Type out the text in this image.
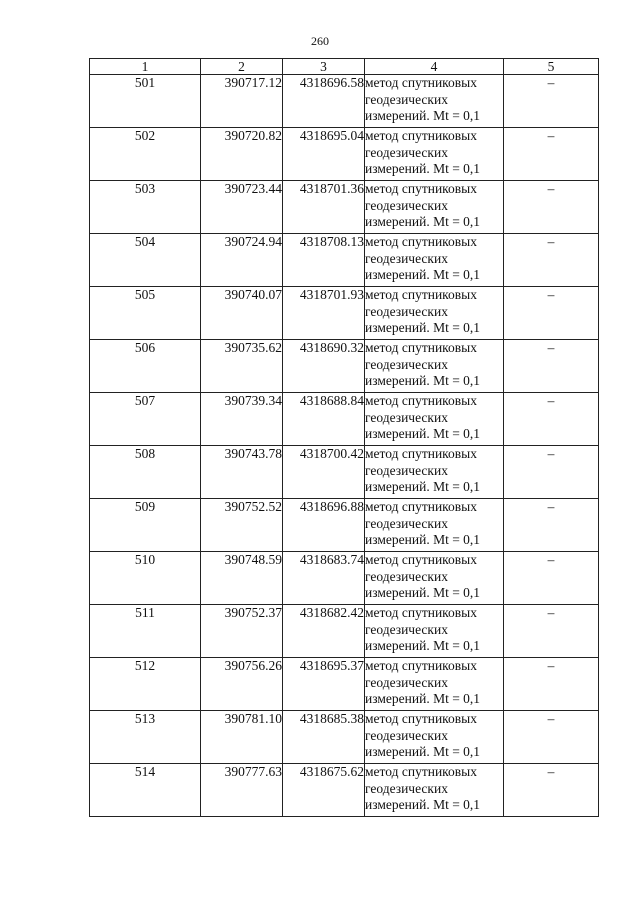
260
1	2	3	4	5
501	390717.12	4318696.58	метод спутниковых
геодезических
измерений. Mt = 0,1	–
502	390720.82	4318695.04	метод спутниковых
геодезических
измерений. Mt = 0,1	–
503	390723.44	4318701.36	метод спутниковых
геодезических
измерений. Mt = 0,1	–
504	390724.94	4318708.13	метод спутниковых
геодезических
измерений. Mt = 0,1	–
505	390740.07	4318701.93	метод спутниковых
геодезических
измерений. Mt = 0,1	–
506	390735.62	4318690.32	метод спутниковых
геодезических
измерений. Mt = 0,1	–
507	390739.34	4318688.84	метод спутниковых
геодезических
измерений. Mt = 0,1	–
508	390743.78	4318700.42	метод спутниковых
геодезических
измерений. Mt = 0,1	–
509	390752.52	4318696.88	метод спутниковых
геодезических
измерений. Mt = 0,1	–
510	390748.59	4318683.74	метод спутниковых
геодезических
измерений. Mt = 0,1	–
511	390752.37	4318682.42	метод спутниковых
геодезических
измерений. Mt = 0,1	–
512	390756.26	4318695.37	метод спутниковых
геодезических
измерений. Mt = 0,1	–
513	390781.10	4318685.38	метод спутниковых
геодезических
измерений. Mt = 0,1	–
514	390777.63	4318675.62	метод спутниковых
геодезических
измерений. Mt = 0,1	–
